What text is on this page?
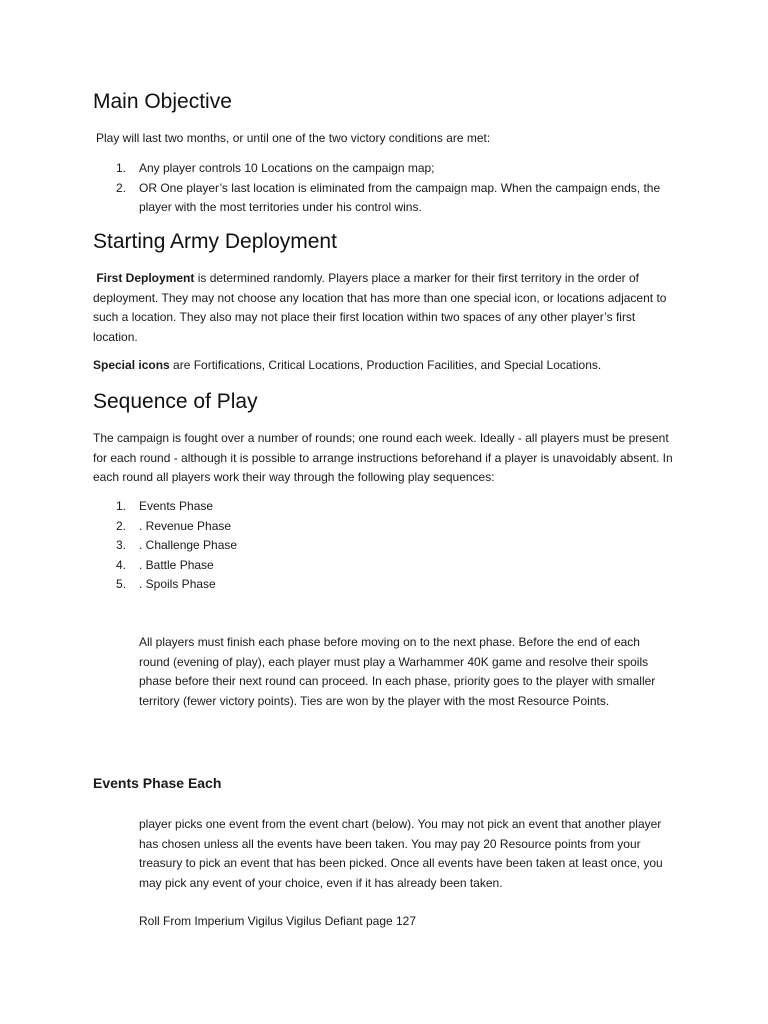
Main Objective

Play will last two months, or until one of the two victory conditions are met:

1. Any player controls 10 Locations on the campaign map;
2. OR One player’s last location is eliminated from the campaign map. When the campaign ends, the player with the most territories under his control wins.
Starting Army Deployment

First Deployment is determined randomly. Players place a marker for their first territory in the order of deployment. They may not choose any location that has more than one special icon, or locations adjacent to such a location. They also may not place their first location within two spaces of any other player’s first location.

Special icons are Fortifications, Critical Locations, Production Facilities, and Special Locations.

Sequence of Play

The campaign is fought over a number of rounds; one round each week. Ideally - all players must be present for each round - although it is possible to arrange instructions beforehand if a player is unavoidably absent. In each round all players work their way through the following play sequences:

1. Events Phase
2. . Revenue Phase
3. . Challenge Phase
4. . Battle Phase
5. . Spoils Phase

All players must finish each phase before moving on to the next phase. Before the end of each round (evening of play), each player must play a Warhammer 40K game and resolve their spoils phase before their next round can proceed. In each phase, priority goes to the player with smaller territory (fewer victory points). Ties are won by the player with the most Resource Points.

Events Phase Each

player picks one event from the event chart (below). You may not pick an event that another player has chosen unless all the events have been taken. You may pay 20 Resource points from your treasury to pick an event that has been picked. Once all events have been taken at least once, you may pick any event of your choice, even if it has already been taken.

Roll From Imperium Vigilus Vigilus Defiant page 127
